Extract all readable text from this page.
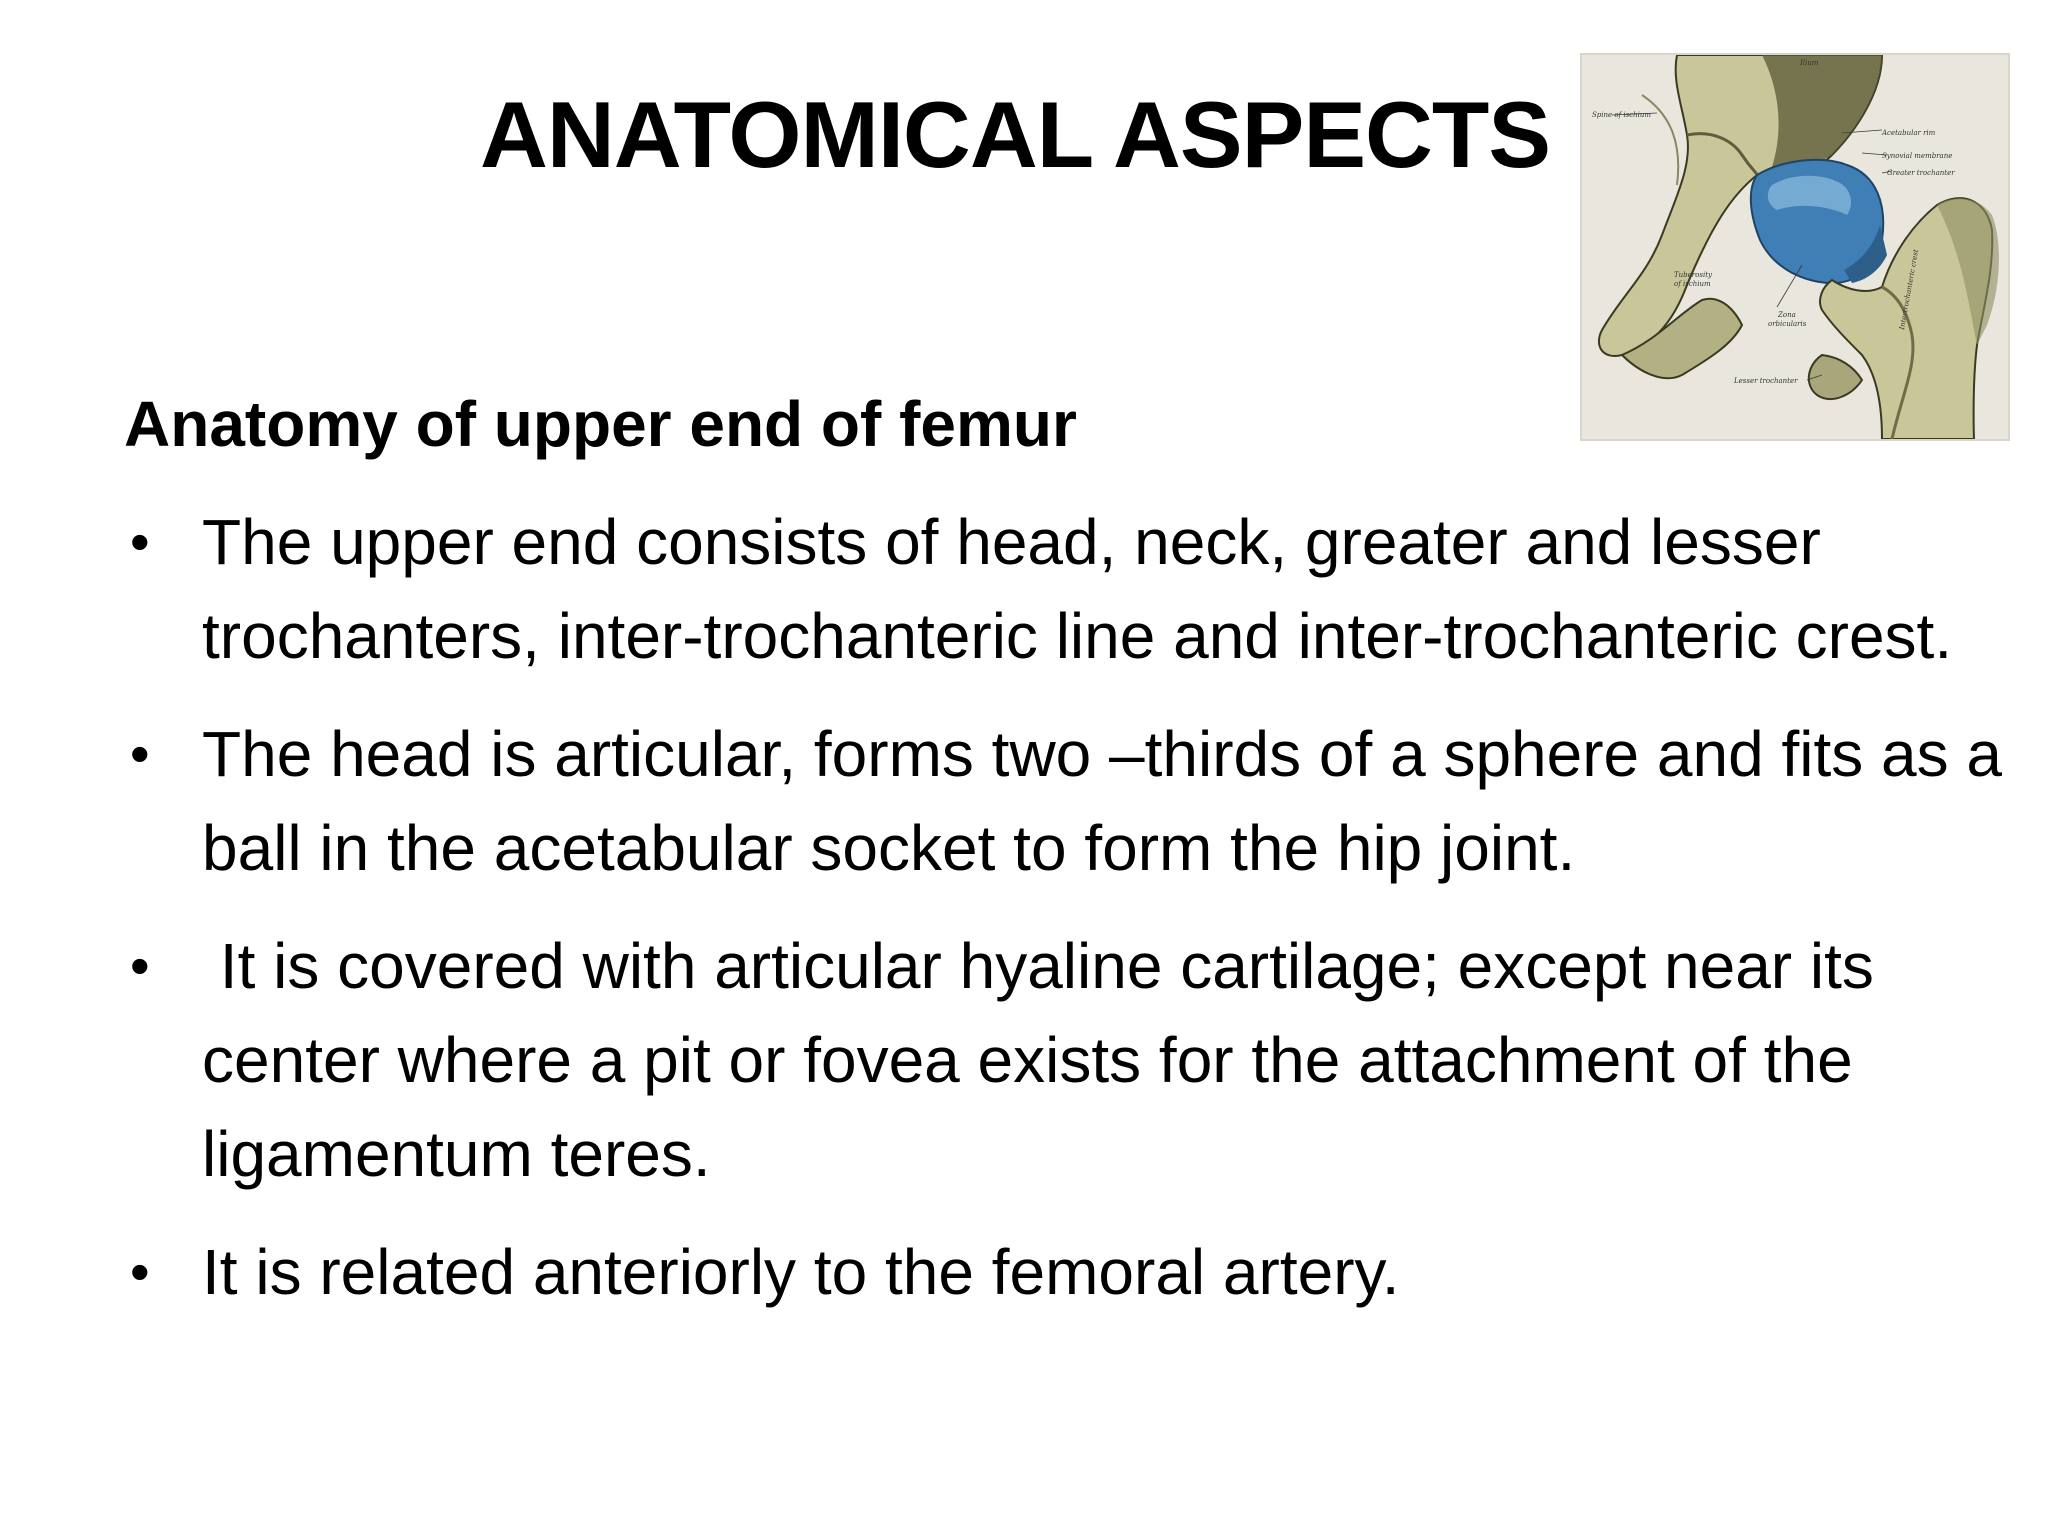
ANATOMICAL ASPECTS
Ilium
Spine of ischium
Acetabular rim
Synovial membrane
Greater trochanter
Tuberosity
of ischium
Zona
orbicularis
Lesser trochanter
Intertrochanteric crest
Anatomy of upper end of femur
• The upper end consists of head, neck, greater and lesser trochanters, inter-trochanteric line and inter-trochanteric crest.
• The head is articular, forms two –thirds of a sphere and fits as a ball in the acetabular socket to form the hip joint.
• It is covered with articular hyaline cartilage; except near its center where a pit or fovea exists for the attachment of the ligamentum teres.
• It is related anteriorly to the femoral artery.
